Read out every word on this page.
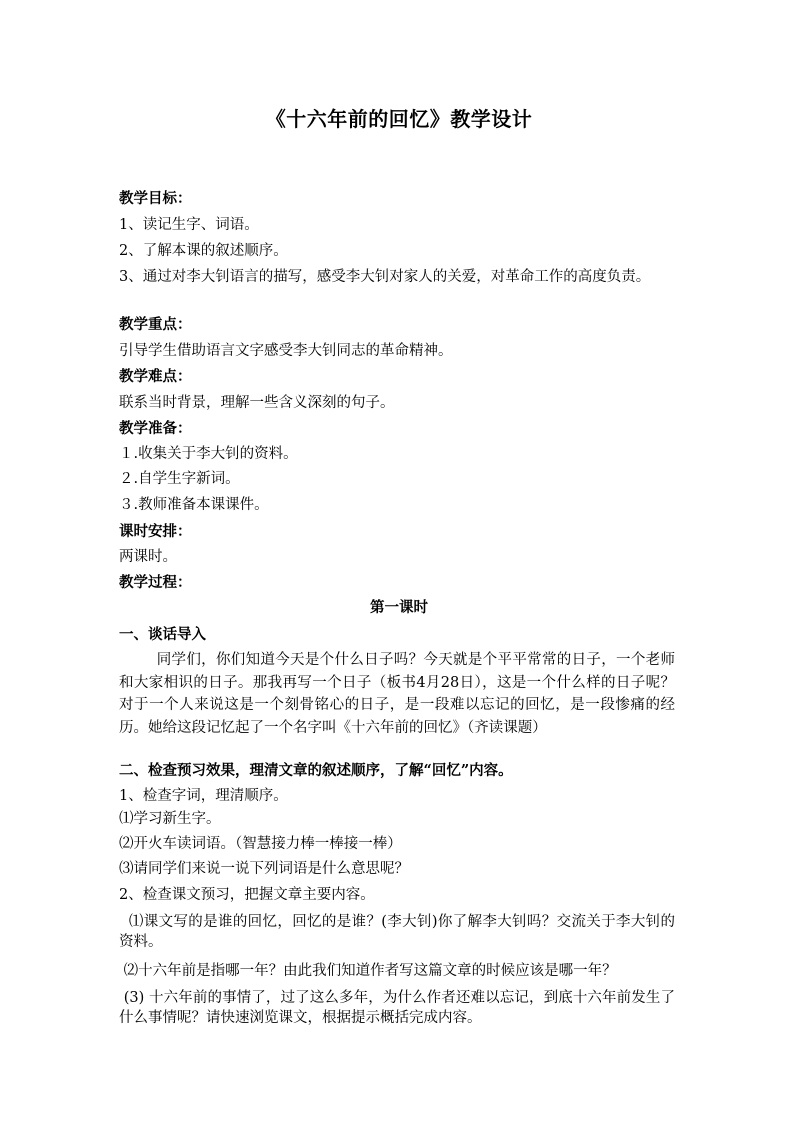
《十六年前的回忆》教学设计
教学目标：
1、读记生字、词语。
2、了解本课的叙述顺序。
3、通过对李大钊语言的描写，感受李大钊对家人的关爱，对革命工作的高度负责。
教学重点：
引导学生借助语言文字感受李大钊同志的革命精神。
教学难点：
联系当时背景，理解一些含义深刻的句子。
教学准备：
１.收集关于李大钊的资料。
２.自学生字新词。
３.教师准备本课课件。
课时安排：
两课时。
教学过程：
第一课时
一、谈话导入
同学们，你们知道今天是个什么日子吗？今天就是个平平常常的日子，一个老师和大家相识的日子。那我再写一个日子（板书4月28日），这是一个什么样的日子呢？对于一个人来说这是一个刻骨铭心的日子，是一段难以忘记的回忆，是一段惨痛的经历。她给这段记忆起了一个名字叫《十六年前的回忆》（齐读课题）
二、检查预习效果，理清文章的叙述顺序，了解“回忆”内容。
1、检查字词，理清顺序。
⑴学习新生字。
⑵开火车读词语。（智慧接力棒一棒接一棒）
⑶请同学们来说一说下列词语是什么意思呢？
2、检查课文预习，把握文章主要内容。
⑴课文写的是谁的回忆，回忆的是谁？(李大钊)你了解李大钊吗？交流关于李大钊的资料。
⑵十六年前是指哪一年？由此我们知道作者写这篇文章的时候应该是哪一年？
(3) 十六年前的事情了，过了这么多年，为什么作者还难以忘记，到底十六年前发生了什么事情呢？请快速浏览课文，根据提示概括完成内容。
